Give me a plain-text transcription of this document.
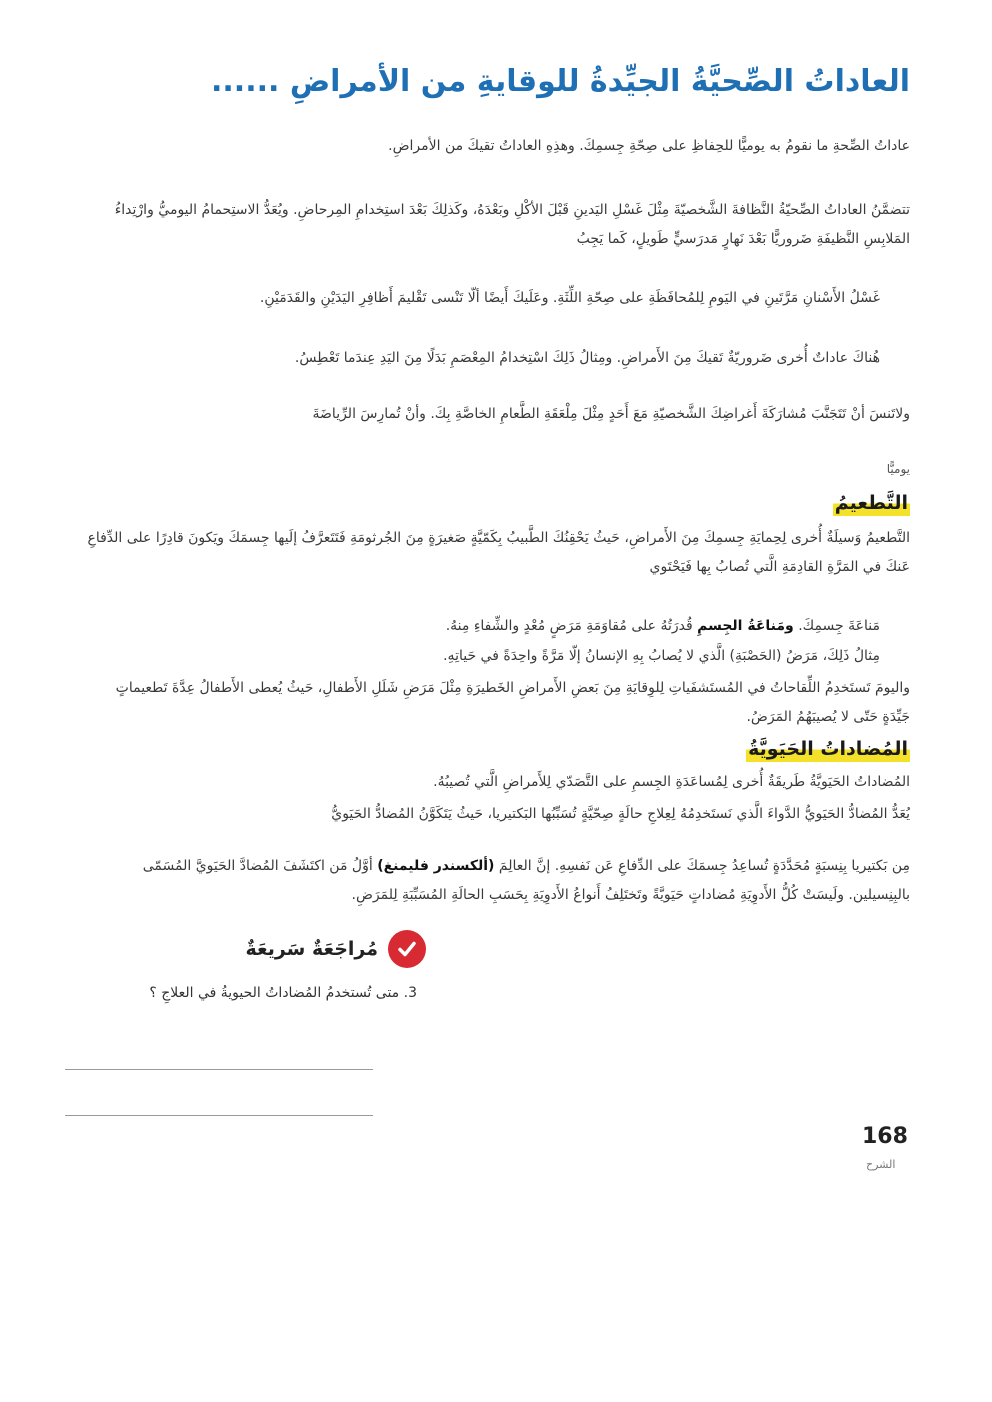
العاداتُ الصِّحيَّةُ الجيِّدةُ للوقايةِ من الأمراضِ ......

عاداتُ الصِّحةِ ما نقومُ به يوميًّا للحِفاظِ على صِحّةِ جِسمِكَ. وهذِهِ العاداتُ تقيكَ من الأمراضِ.

تتضمَّنُ العاداتُ الصِّحيّةُ النَّظافةَ الشَّخصيّةَ مِثْلَ غَسْلِ اليَدينِ قَبْلَ الأكْلِ وبَعْدَهُ، وكَذلِكَ بَعْدَ استِخدامِ المِرحاضِ. ويُعَدُّ الاستِحمامُ اليوميُّ وارْتِداءُ المَلابِسِ النَّظيفَةِ ضَروريًّا بَعْدَ نَهارٍ مَدرَسيٍّ طَويلٍ، كَما يَجِبُ

غَسْلُ الأَسْنانِ مَرَّتَينِ في اليَومِ لِلمُحافَظَةِ على صِحّةِ اللِّثَةِ. وعَلَيكَ أَيضًا ألّا تَنْسى تَقْليمَ أَظافِرِ اليَدَيْنِ والقَدَمَيْنِ.

هُناكَ عاداتٌ أُخرى ضَروريّةٌ تَقيكَ مِنَ الأَمراضِ. ومِثالُ ذَلِكَ اسْتِخدامُ المِعْصَمِ بَدَلًا مِنَ اليَدِ عِندَما تَعْطِسُ.

ولاتَنسَ أنْ تَتَجَنَّبَ مُشارَكَةَ أَغراضِكَ الشَّخصيّةِ مَعَ أَحَدٍ مِثْلَ مِلْعَقَةِ الطَّعامِ الخاصَّةِ بِكَ. وأنْ تُمارِسَ الرِّياضَةَ

يوميًّا
التَّطعيمُ

التَّطعيمُ وَسيلَةٌ أُخرى لِحِمايَةِ جِسمِكَ مِنَ الأَمراضِ، حَيثُ يَحْقِنُكَ الطَّبيبُ بِكَمّيَّةٍ صَغيرَةٍ مِنَ الجُرثومَةِ فَتَتَعرَّفُ إلَيها جِسمَكَ ويَكونَ قادِرًا على الدِّفاعِ عَنكَ في المَرَّةِ القادِمَةِ الَّتي تُصابُ بِها فَيَحْتَوي

مَناعَةَ جِسمِكَ. ومَناعَةُ الجِسمِ قُدرَتُهُ على مُقاوَمَةِ مَرَضٍ مُعْدٍ والشِّفاءِ مِنهُ.

مِثالُ ذَلِكَ، مَرَضُ (الحَصْبَةِ) الَّذي لا يُصابُ بِهِ الإنسانُ إلّا مَرَّةً واحِدَةً في حَياتِهِ.

واليومَ تَستَخدِمُ اللِّقاحاتُ في المُستَشفَياتِ لِلوِقايَةِ مِنَ بَعضِ الأَمراضِ الخَطيرَةِ مِثْلَ مَرَضِ شَلَلِ الأَطفالِ، حَيثُ يُعطى الأَطفالُ عِدَّةَ تَطعيماتٍ جَيِّدَةٍ حَتّى لا يُصيبَهُمُ المَرَضُ.

المُضاداتُ الحَيَويَّةُ

المُضاداتُ الحَيَويَّةُ طَريقَةٌ أُخرى لِمُساعَدَةِ الجِسمِ على التَّصَدّي لِلأَمراضِ الَّتي تُصيبُهُ.

يُعَدُّ المُضادُّ الحَيَويُّ الدَّواءَ الَّذي نَستَخدِمُهُ لِعِلاجِ حالَةٍ صِحّيَّةٍ تُسَبِّبُها البَكتيريا، حَيثُ يَتَكَوَّنُ المُضادُّ الحَيَويُّ

مِن بَكتيريا بِنِسبَةٍ مُحَدَّدَةٍ تُساعِدُ جِسمَكَ على الدِّفاعِ عَن نَفسِهِ. إنَّ العالِمَ (ألكسندر فليمنغ) أوَّلُ مَن اكتَشَفَ المُضادَّ الحَيَويَّ المُسَمّى بالبِنِسيلين. ولَيسَتْ كُلُّ الأَدوِيَةِ مُضاداتٍ حَيَويَّةً وتَختَلِفُ أَنواعُ الأَدوِيَةِ بِحَسَبِ الحالَةِ المُسَبِّبَةِ لِلمَرَضِ.

مُراجَعَةٌ سَريعَةٌ
3. متى تُستخدمُ المُضاداتُ الحيويةُ في العلاجِ ؟
168
الشرح
